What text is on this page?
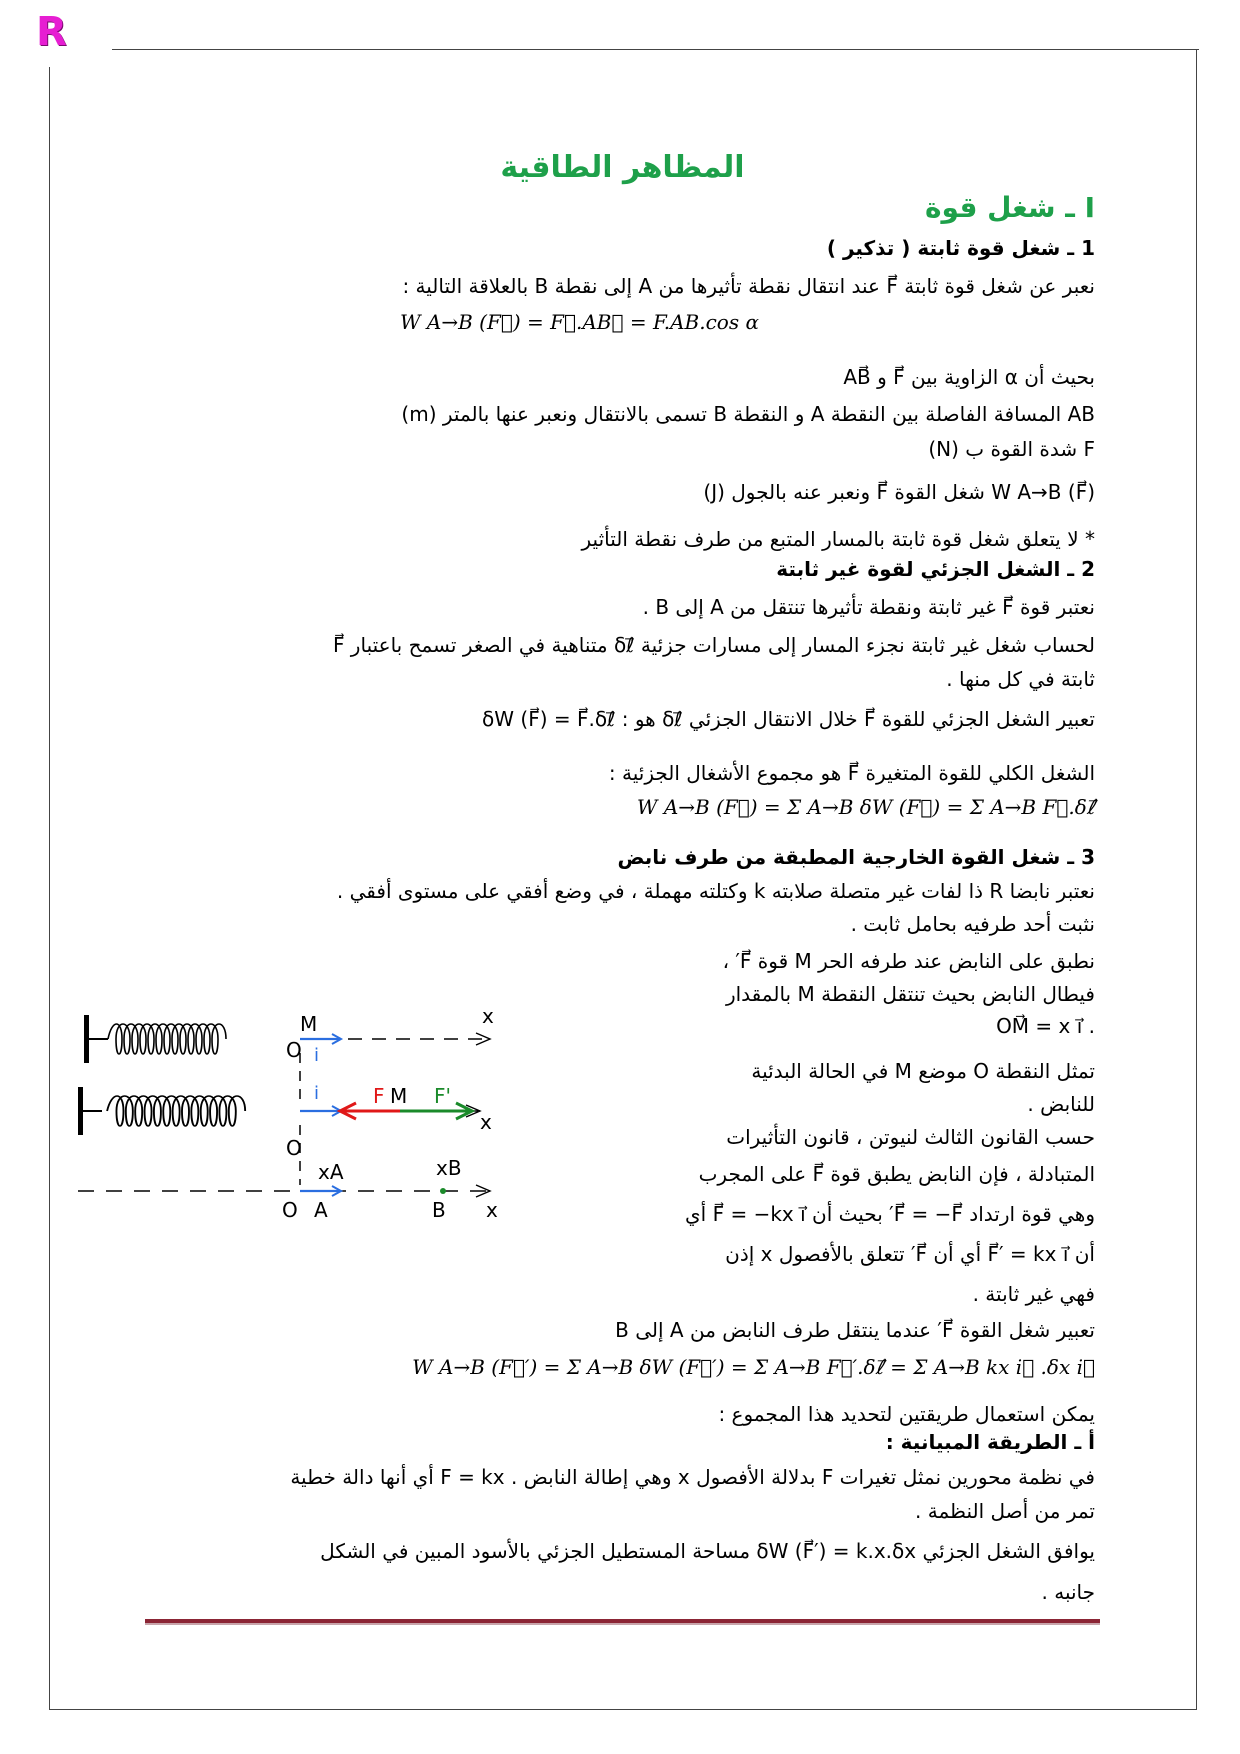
R
المظاهر الطاقية
I ـ شغل قوة
1 ـ شغل قوة ثابتة ( تذكير )
نعبر عن شغل قوة ثابتة F⃗ عند انتقال نقطة تأثيرها من A إلى نقطة B بالعلاقة التالية :
W A→B (F⃗) = F⃗.AB⃗ = F.AB.cos α
بحيث أن α الزاوية بين F⃗ و AB⃗
AB المسافة الفاصلة بين النقطة A و النقطة B تسمى بالانتقال ونعبر عنها بالمتر (m)
F شدة القوة ب (N)
W A→B (F⃗) شغل القوة F⃗ ونعبر عنه بالجول (J)
* لا يتعلق شغل قوة ثابتة بالمسار المتبع من طرف نقطة التأثير
2 ـ الشغل الجزئي لقوة غير ثابتة
نعتبر قوة F⃗ غير ثابتة ونقطة تأثيرها تنتقل من A إلى B .
لحساب شغل غير ثابتة نجزء المسار إلى مسارات جزئية δℓ⃗ متناهية في الصغر تسمح باعتبار F⃗
ثابتة في كل منها .
تعبير الشغل الجزئي للقوة F⃗ خلال الانتقال الجزئي δℓ⃗ هو : δW (F⃗) = F⃗.δℓ⃗
الشغل الكلي للقوة المتغيرة F⃗ هو مجموع الأشغال الجزئية :
W A→B (F⃗) = Σ A→B δW (F⃗) = Σ A→B F⃗.δℓ⃗
3 ـ شغل القوة الخارجية المطبقة من طرف نابض
نعتبر نابضا R ذا لفات غير متصلة صلابته k وكتلته مهملة ، في وضع أفقي على مستوى أفقي .
نثبت أحد طرفيه بحامل ثابت .
نطبق على النابض عند طرفه الحر M قوة F⃗′ ،
فيطال النابض بحيث تنتقل النقطة M بالمقدار
OM⃗ = x i⃗ .
تمثل النقطة O موضع M في الحالة البدئية
للنابض .
حسب القانون الثالث لنيوتن ، قانون التأثيرات
المتبادلة ، فإن النابض يطبق قوة F⃗ على المجرب
وهي قوة ارتداد F⃗ = −F⃗′ بحيث أن F⃗ = −kx i⃗ أي
أن F⃗′ = kx i⃗ أي أن F⃗′ تتعلق بالأفصول x إذن
فهي غير ثابتة .
تعبير شغل القوة F⃗′ عندما ينتقل طرف النابض من A إلى B
W A→B (F⃗′) = Σ A→B δW (F⃗′) = Σ A→B F⃗′.δℓ⃗ = Σ A→B kx i⃗ .δx i⃗
يمكن استعمال طريقتين لتحديد هذا المجموع :
أ ـ الطريقة المبيانية :
في نظمة محورين نمثل تغيرات F بدلالة الأفصول x وهي إطالة النابض . F = kx أي أنها دالة خطية
تمر من أصل النظمة .
يوافق الشغل الجزئي δW (F⃗′) = k.x.δx مساحة المستطيل الجزئي بالأسود المبين في الشكل
جانبه .
M	x
O i
F M F'
x
O
i
xA	xB
O A	B x
